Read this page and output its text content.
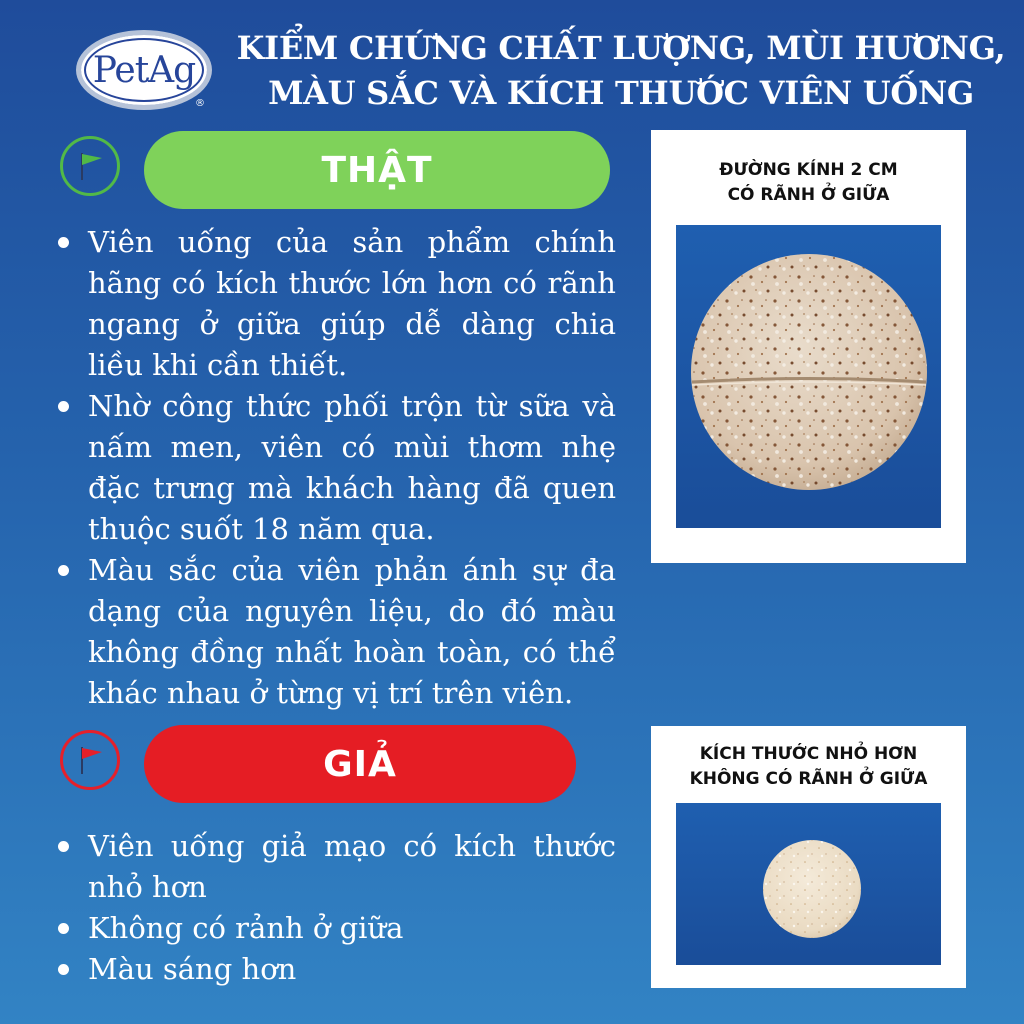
PetAg
®
KIỂM CHỨNG CHẤT LƯỢNG, MÙI HƯƠNG,
MÀU SẮC VÀ KÍCH THƯỚC VIÊN UỐNG
THẬT
Viên uống của sản phẩm chính hãng có kích thước lớn hơn có rãnh ngang ở giữa giúp dễ dàng chia liều khi cần thiết.
Nhờ công thức phối trộn từ sữa và nấm men, viên có mùi thơm nhẹ đặc trưng mà khách hàng đã quen thuộc suốt 18 năm qua.
Màu sắc của viên phản ánh sự đa dạng của nguyên liệu, do đó màu không đồng nhất hoàn toàn, có thể khác nhau ở từng vị trí trên viên.
ĐƯỜNG KÍNH 2 CM
CÓ RÃNH Ở GIỮA
GIẢ
Viên uống giả mạo có kích thước nhỏ hơn
Không có rảnh ở giữa
Màu sáng hơn
KÍCH THƯỚC NHỎ HƠN
KHÔNG CÓ RÃNH Ở GIỮA
